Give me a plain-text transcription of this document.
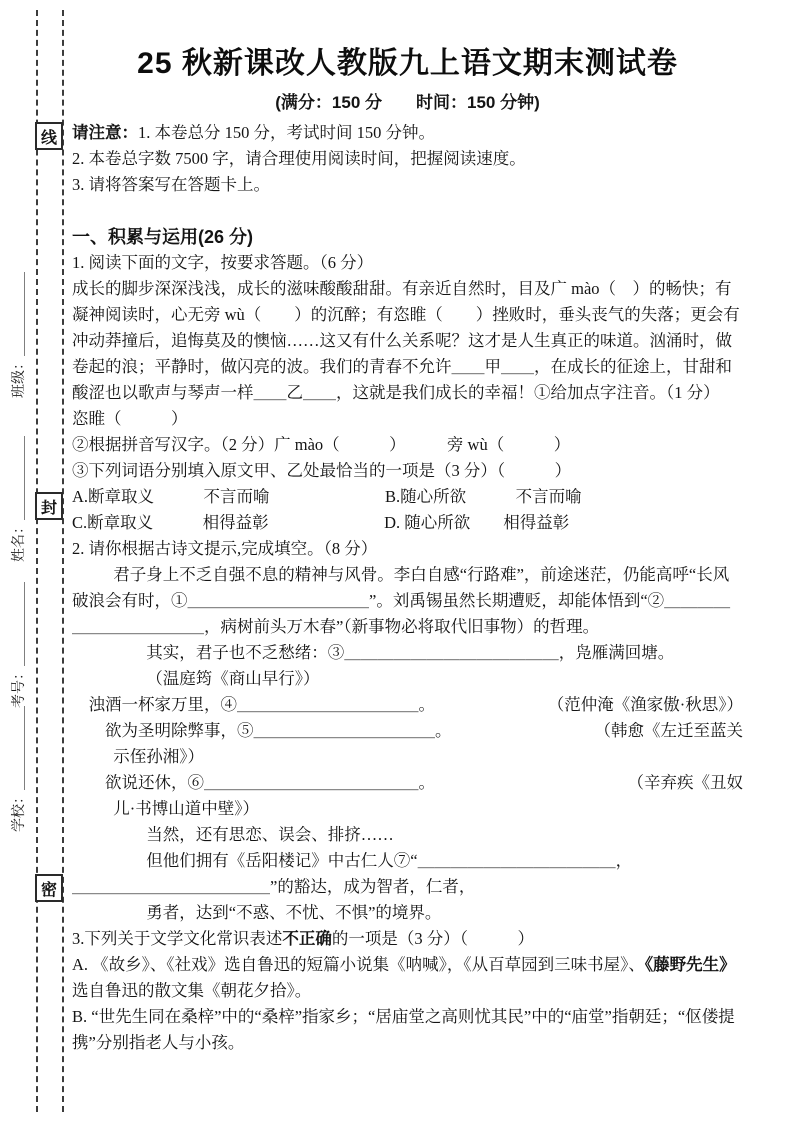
线
封
密
班级：＿＿＿＿＿＿
姓名：＿＿＿＿＿＿
考号：＿＿＿＿＿＿
学校：＿＿＿＿＿＿
25 秋新课改人教版九上语文期末测试卷
(满分：150 分　　时间：150 分钟)

请注意：1. 本卷总分 150 分，考试时间 150 分钟。

2. 本卷总字数 7500 字，请合理使用阅读时间，把握阅读速度。

3. 请将答案写在答题卡上。

一、积累与运用(26 分)

1. 阅读下面的文字，按要求答题。（6 分）

成长的脚步深深浅浅，成长的滋味酸酸甜甜。有亲近自然时，目及广 mào（　）的畅快；有凝神阅读时，心无旁 wù（　　）的沉醉；有恣睢（　　）挫败时，垂头丧气的失落；更会有冲动莽撞后，追悔莫及的懊恼……这又有什么关系呢？这才是人生真正的味道。汹涌时，做卷起的浪；平静时，做闪亮的波。我们的青春不允许＿＿甲＿＿，在成长的征途上，甘甜和酸涩也以歌声与琴声一样＿＿乙＿＿，这就是我们成长的幸福！①给加点字注音。（1 分）　　　恣睢（　　　）

②根据拼音写汉字。（2 分）广 mào（　　　）　　　旁 wù（　　　）

③下列词语分别填入原文甲、乙处最恰当的一项是（3 分）（　　　）

A.断章取义　　　不言而喻　　　　　　　B.随心所欲　　　不言而喻

C.断章取义　　　相得益彰　　　　　　　D. 随心所欲　　相得益彰

2. 请你根据古诗文提示,完成填空。（8 分）

君子身上不乏自强不息的精神与风骨。李白自感“行路难”，前途迷茫，仍能高呼“长风破浪会有时，①＿＿＿＿＿＿＿＿＿＿＿”。刘禹锡虽然长期遭贬，却能体悟到“②＿＿＿＿＿＿＿＿＿＿＿＿，病树前头万木春”（新事物必将取代旧事物）的哲理。

其实，君子也不乏愁绪：③＿＿＿＿＿＿＿＿＿＿＿＿＿，凫雁满回塘。

（温庭筠《商山早行》）

浊酒一杯家万里，④＿＿＿＿＿＿＿＿＿＿＿。	（范仲淹《渔家傲·秋思》）
欲为圣明除弊事，⑤＿＿＿＿＿＿＿＿＿＿＿。	（韩愈《左迁至蓝关

示侄孙湘》）

欲说还休，⑥＿＿＿＿＿＿＿＿＿＿＿＿＿。	（辛弃疾《丑奴

儿·书博山道中壁》）

当然，还有思恋、误会、排挤……

但他们拥有《岳阳楼记》中古仁人⑦“＿＿＿＿＿＿＿＿＿＿＿＿，

＿＿＿＿＿＿＿＿＿＿＿＿”的豁达，成为智者，仁者，

勇者，达到“不惑、不忧、不惧”的境界。

3.下列关于文学文化常识表述不正确的一项是（3 分）（　　　）

A. 《故乡》、《社戏》选自鲁迅的短篇小说集《呐喊》，《从百草园到三味书屋》、《藤野先生》选自鲁迅的散文集《朝花夕拾》。

B. “世先生同在桑梓”中的“桑梓”指家乡；“居庙堂之高则忧其民”中的“庙堂”指朝廷；“伛偻提携”分别指老人与小孩。
